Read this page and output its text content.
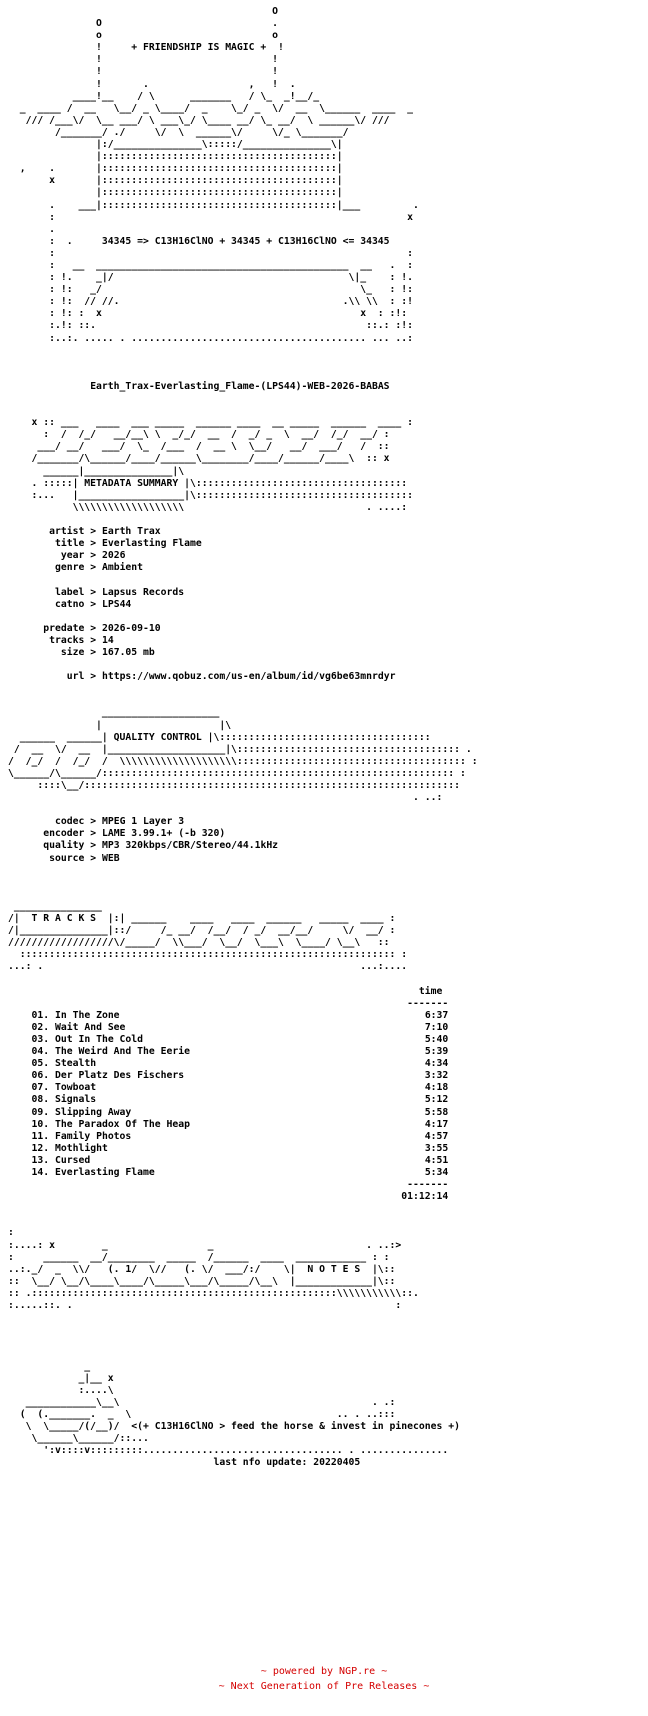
O
O                             .
o                             o
!     + FRIENDSHIP IS MAGIC +  !
!                             !
!                             !
!       .                 ,   !  .
____!__    / \      _______   / \_  _!__/_
_  ____ /  __   \__/ _ \____/  _    \_/ _  \/  __  \______  ____  _
/// /___\/  \__ ___/ \ ___\_/ \____ __/ \_ __/  \ ______\/ ///
/_______/ ./     \/  \  ______\/     \/_ \_______/
|:/_______________\:::::/_______________\|
|::::::::::::::::::::::::::::::::::::::::|
,    .       |::::::::::::::::::::::::::::::::::::::::|
x       |::::::::::::::::::::::::::::::::::::::::|
|::::::::::::::::::::::::::::::::::::::::|
.    ___|::::::::::::::::::::::::::::::::::::::::|___         .
:                                                            x
.
:  .     34345 => C13H16ClNO + 34345 + C13H16ClNO <= 34345
:                                                            :
:   __  ___________________________________________  __   .  :
: !.    _|/                                        \|_    : !.
: !:   _/                                            \_   : !:
: !:  // //.                                      .\\ \\  : :!
: !: :  x                                            x  : :!:
:.!: ::.                                              ::.: :!:
:..:. ..... . ........................................ ... ..:

Earth_Trax-Everlasting_Flame-(LPS44)-WEB-2026-BABAS

x :: ___   ____  ___ _____  ______ ____  __ _____  ______  ____ :
:  /  /_/   __/__\ \  _/_/  __  /  _/ _  \  __/  /_/  __/ :
___/ __/   ___/  \_  /___  /  __ \  \__/   __/  ___/   /  ::
/_______/\______/____/______\________/____/______/____\  :: x
______|_______________|\
. :::::| METADATA SUMMARY |\::::::::::::::::::::::::::::::::::::
:...   |__________________|\:::::::::::::::::::::::::::::::::::::
\\\\\\\\\\\\\\\\\\\                               . ....:

artist > Earth Trax
title > Everlasting Flame
year > 2026
genre > Ambient

label > Lapsus Records
catno > LPS44

predate > 2026-09-10
tracks > 14
size > 167.05 mb

url > https://www.qobuz.com/us-en/album/id/vg6be63mnrdyr

____________________
|                    |\
______  ______| QUALITY CONTROL |\::::::::::::::::::::::::::::::::::::
/  __  \/  __  |____________________|\:::::::::::::::::::::::::::::::::::::: .
/  /_/  /  /_/  /  \\\\\\\\\\\\\\\\\\\\::::::::::::::::::::::::::::::::::::::: :
\______/\______/:::::::::::::::::::::::::::::::::::::::::::::::::::::::::::: :
::::\__/::::::::::::::::::::::::::::::::::::::::::::::::::::::::::::::::
. ..:

codec > MPEG 1 Layer 3
encoder > LAME 3.99.1+ (-b 320)
quality > MP3 320kbps/CBR/Stereo/44.1kHz
source > WEB

_______________
/|  T R A C K S  |:| ______    ____   ____  ______   _____  ____ :
/|_______________|::/     /_ __/  /__/  / _/  __/__/     \/  __/ :
//////////////////\/_____/  \\___/  \__/  \___\  \____/ \__\   ::
:::::::::::::::::::::::::::::::::::::::::::::::::::::::::::::::: :
...: .                                                      ...:....

time
-------
01. In The Zone	6:37
02. Wait And See	7:10
03. Out In The Cold	5:40
04. The Weird And The Eerie	5:39
05. Stealth	4:34
06. Der Platz Des Fischers	3:32
07. Towboat	4:18
08. Signals	5:12
09. Slipping Away	5:58
10. The Paradox Of The Heap	4:17
11. Family Photos	4:57
12. Mothlight	3:55
13. Cursed	4:51
14. Everlasting Flame	5:34
-------
01:12:14

:
:....: x        _                 _                          . ..:>
:     ______  __/________  _____  /______  ____  ____________ : :
..:._/  _  \\/   (. 1/  \//   (. \/  ___/:/    \|  N O T E S  |\::
::  \__/ \__/\____\____/\_____\___/\_____/\__\  |_____________|\::
:: .::::::::::::::::::::::::::::::::::::::::::::::::::::\\\\\\\\\\\::.
:.....::. .                                                       :

_
_|__ x
:....\
____________\__\                                           . .:
(  (._______.  _  \                                   .. . ..:::
\  \_____/(/__)/  <(+ C13H16ClNO > feed the horse & invest in pinecones +)
\______\______/::...
':v::::v:::::::::.................................. . ...............
last nfo update: 20220405
~ powered by NGP.re ~
~ Next Generation of Pre Releases ~
